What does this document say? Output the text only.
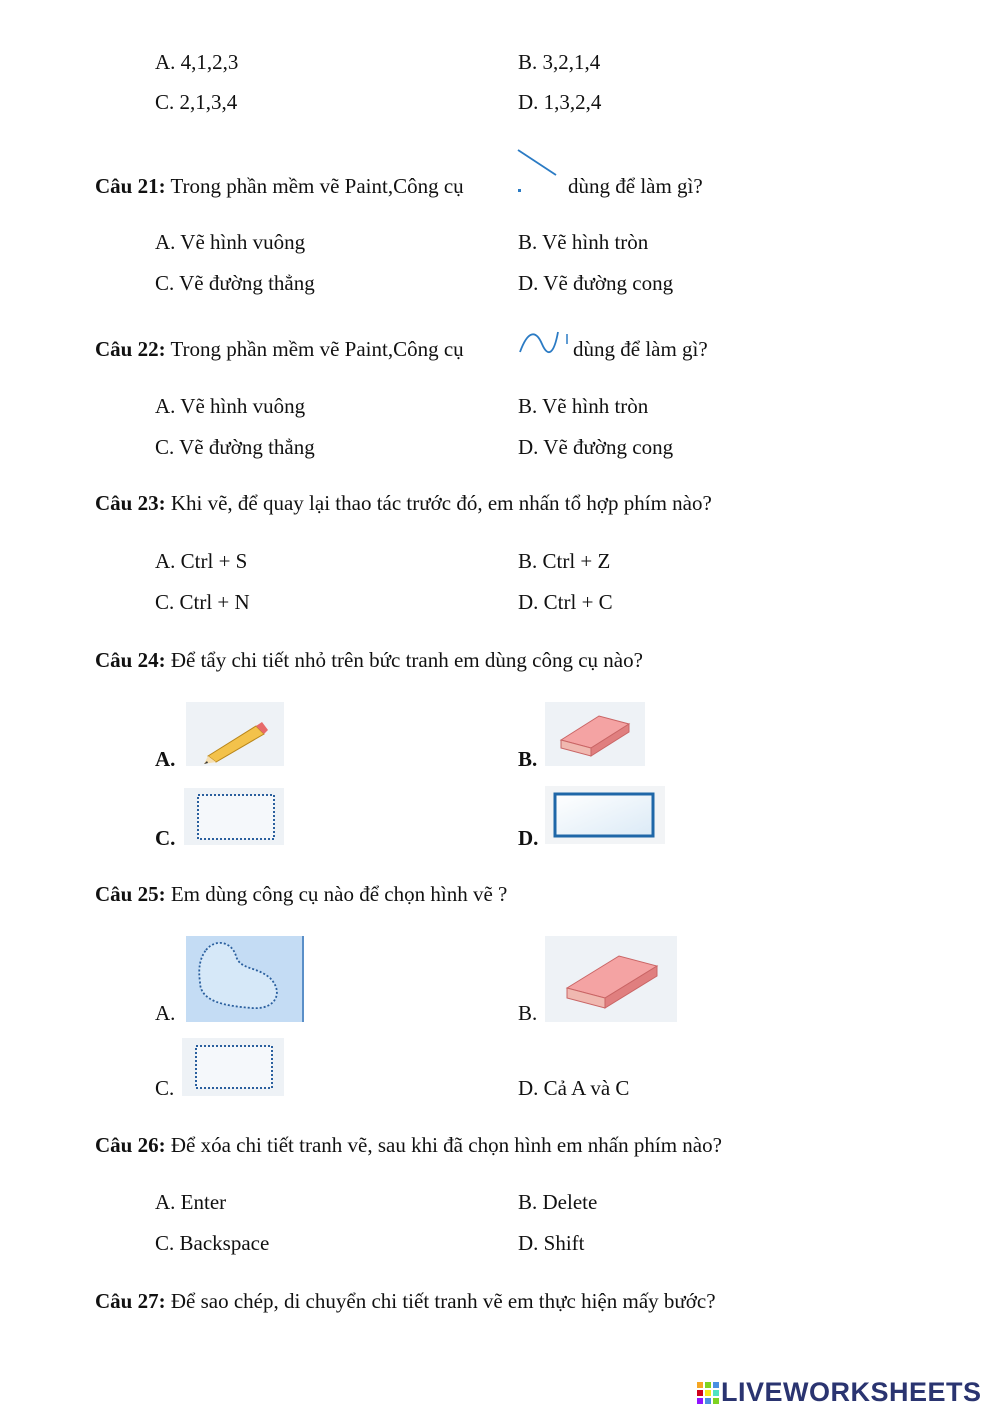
A. 4,1,2,3	B. 3,2,1,4
C. 2,1,3,4	D. 1,3,2,4
Câu 21: Trong phần mềm vẽ Paint,Công cụ	dùng để làm gì?
A. Vẽ hình vuông	B. Vẽ hình tròn
C. Vẽ đường thẳng	D. Vẽ đường cong
Câu 22: Trong phần mềm vẽ Paint,Công cụ	dùng để làm gì?
A. Vẽ hình vuông	B. Vẽ hình tròn
C. Vẽ đường thẳng	D. Vẽ đường cong
Câu 23: Khi vẽ, để quay lại thao tác trước đó, em nhấn tổ hợp phím nào?
A. Ctrl + S	B. Ctrl + Z
C. Ctrl + N	D. Ctrl + C
Câu 24: Để tẩy chi tiết nhỏ trên bức tranh em dùng công cụ nào?
A.	B.
C.	D.
Câu 25: Em dùng công cụ nào để chọn hình vẽ ?
A.	B.
C.	D. Cả A và C
Câu 26: Để xóa chi tiết tranh vẽ, sau khi đã chọn hình em nhấn phím nào?
A. Enter	B. Delete
C. Backspace	D. Shift
Câu 27: Để sao chép, di chuyển chi tiết tranh vẽ em thực hiện mấy bước?
LIVEWORKSHEETS
